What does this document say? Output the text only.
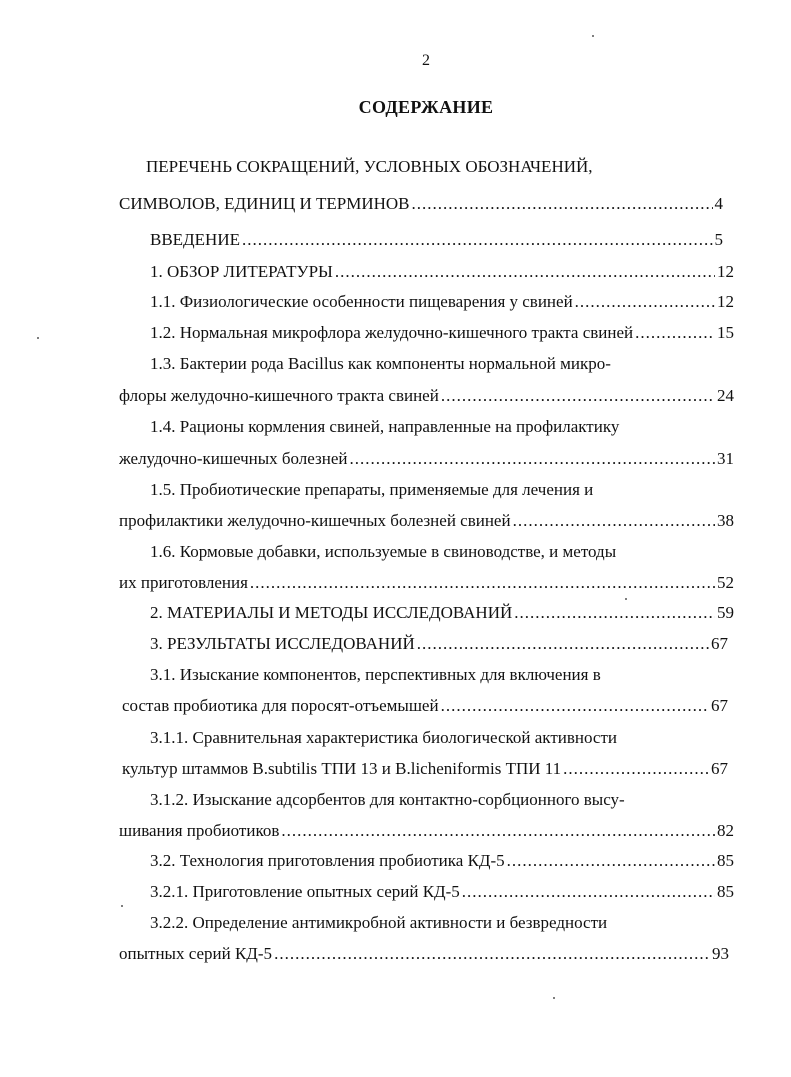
2
СОДЕРЖАНИЕ
ПЕРЕЧЕНЬ СОКРАЩЕНИЙ, УСЛОВНЫХ ОБОЗНАЧЕНИЙ,
СИМВОЛОВ, ЕДИНИЦ И ТЕРМИНОВ .....	4
ВВЕДЕНИЕ .....	5
1. ОБЗОР ЛИТЕРАТУРЫ .....	12
1.1. Физиологические особенности пищеварения у свиней .....	12
1.2. Нормальная микрофлора желудочно-кишечного тракта свиней .....	15
1.3. Бактерии рода Bacillus как компоненты нормальной микро-
флоры желудочно-кишечного тракта свиней .....	24
1.4. Рационы кормления свиней, направленные на профилактику
желудочно-кишечных болезней .....	31
1.5. Пробиотические препараты, применяемые для лечения и
профилактики желудочно-кишечных болезней свиней .....	38
1.6. Кормовые добавки, используемые в свиноводстве, и методы
их приготовления .....	52
2. МАТЕРИАЛЫ И МЕТОДЫ ИССЛЕДОВАНИЙ .....	59
3. РЕЗУЛЬТАТЫ ИССЛЕДОВАНИЙ .....	67
3.1. Изыскание компонентов, перспективных для включения в
состав пробиотика для поросят-отъемышей .....	67
3.1.1. Сравнительная характеристика биологической активности
культур штаммов B.subtilis ТПИ 13 и B.licheniformis ТПИ 11 .....	67
3.1.2. Изыскание адсорбентов для контактно-сорбционного высу-
шивания пробиотиков .....	82
3.2. Технология приготовления пробиотика КД-5 .....	85
3.2.1. Приготовление опытных серий КД-5 .....	85
3.2.2. Определение антимикробной активности и безвредности
опытных серий КД-5 .....	93
